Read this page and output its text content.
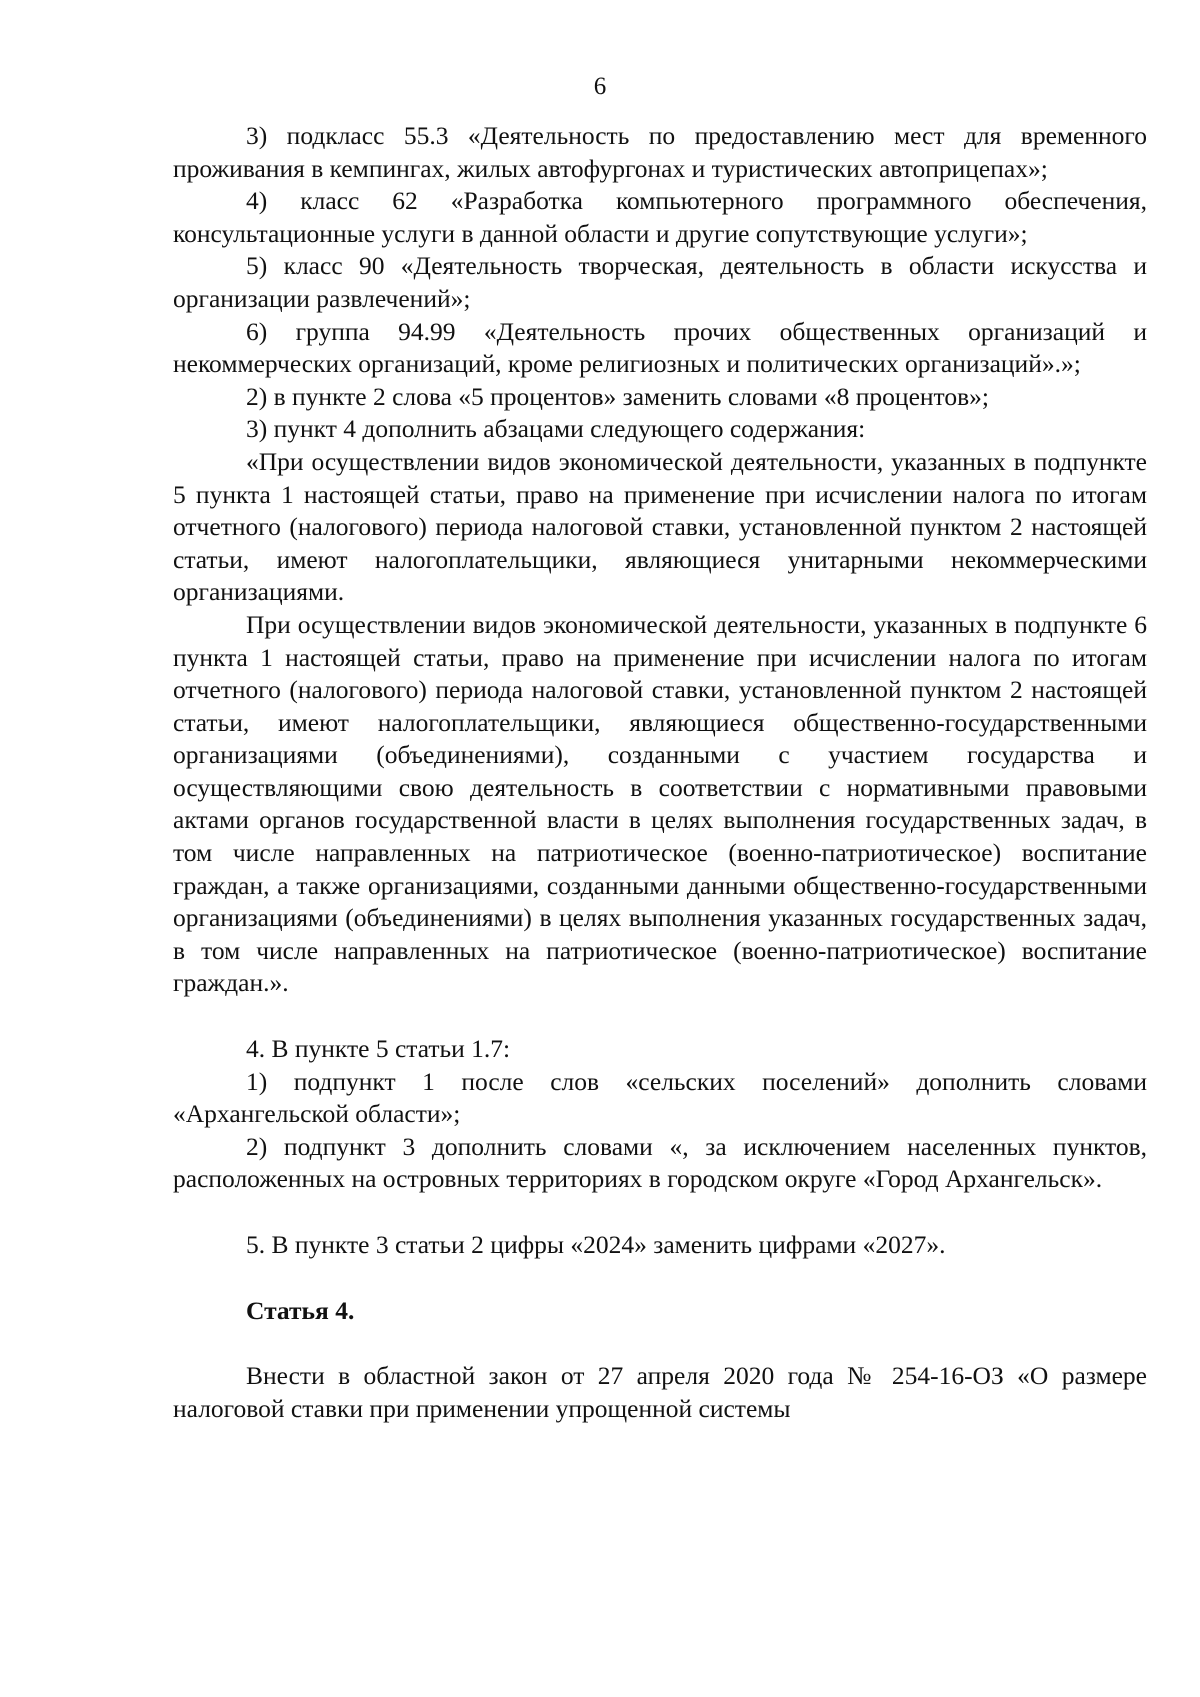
6

3) подкласс 55.3 «Деятельность по предоставлению мест для временного проживания в кемпингах, жилых автофургонах и туристических автоприцепах»;

4) класс 62 «Разработка компьютерного программного обеспечения, консультационные услуги в данной области и другие сопутствующие услуги»;

5) класс 90 «Деятельность творческая, деятельность в области искусства и организации развлечений»;

6) группа 94.99 «Деятельность прочих общественных организаций и некоммерческих организаций, кроме религиозных и политических организаций».»;

2) в пункте 2 слова «5 процентов» заменить словами «8 процентов»;

3) пункт 4 дополнить абзацами следующего содержания:

«При осуществлении видов экономической деятельности, указанных в подпункте 5 пункта 1 настоящей статьи, право на применение при исчислении налога по итогам отчетного (налогового) периода налоговой ставки, установленной пунктом 2 настоящей статьи, имеют налогоплательщики, являющиеся унитарными некоммерческими организациями.

При осуществлении видов экономической деятельности, указанных в подпункте 6 пункта 1 настоящей статьи, право на применение при исчислении налога по итогам отчетного (налогового) периода налоговой ставки, установленной пунктом 2 настоящей статьи, имеют налогоплательщики, являющиеся общественно-государственными организациями (объединениями), созданными с участием государства и осуществляющими свою деятельность в соответствии с нормативными правовыми актами органов государственной власти в целях выполнения государственных задач, в том числе направленных на патриотическое (военно-патриотическое) воспитание граждан, а также организациями, созданными данными общественно-государственными организациями (объединениями) в целях выполнения указанных государственных задач, в том числе направленных на патриотическое (военно-патриотическое) воспитание граждан.».

4. В пункте 5 статьи 1.7:

1) подпункт 1 после слов «сельских поселений» дополнить словами «Архангельской области»;

2) подпункт 3 дополнить словами «, за исключением населенных пунктов, расположенных на островных территориях в городском округе «Город Архангельск».

5. В пункте 3 статьи 2 цифры «2024» заменить цифрами «2027».

Статья 4.

Внести в областной закон от 27 апреля 2020 года № 254-16-ОЗ «О размере налоговой ставки при применении упрощенной системы
